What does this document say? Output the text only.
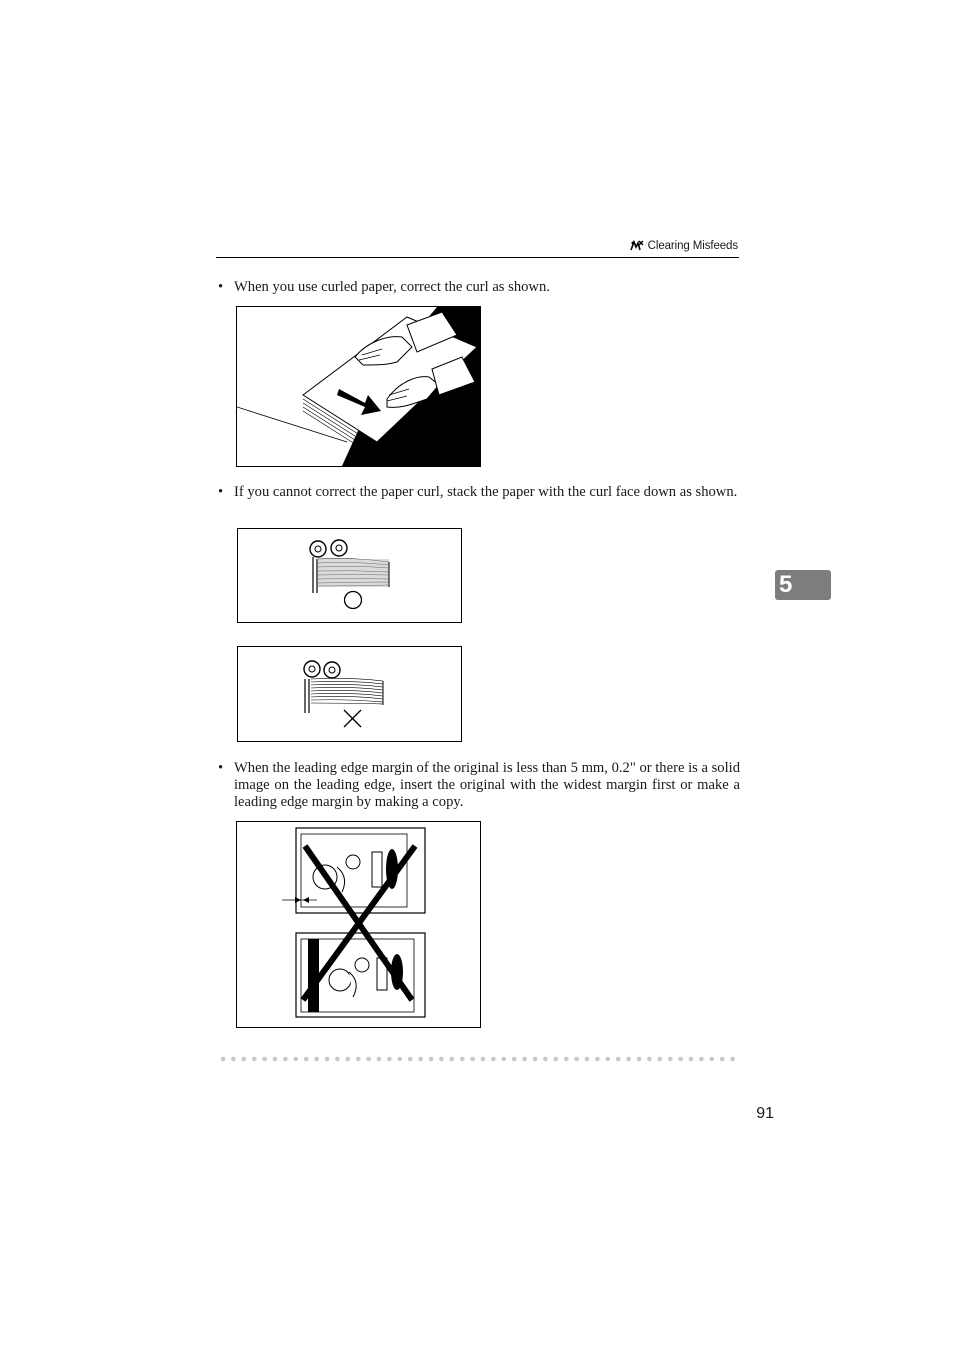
Clearing Misfeeds
• When you use curled paper, correct the curl as shown.
• If you cannot correct the paper curl, stack the paper with the curl face down as shown.
• When the leading edge margin of the original is less than 5 mm, 0.2" or there is a solid image on the leading edge, insert the original with the widest margin first or make a leading edge margin by making a copy.
5
91
